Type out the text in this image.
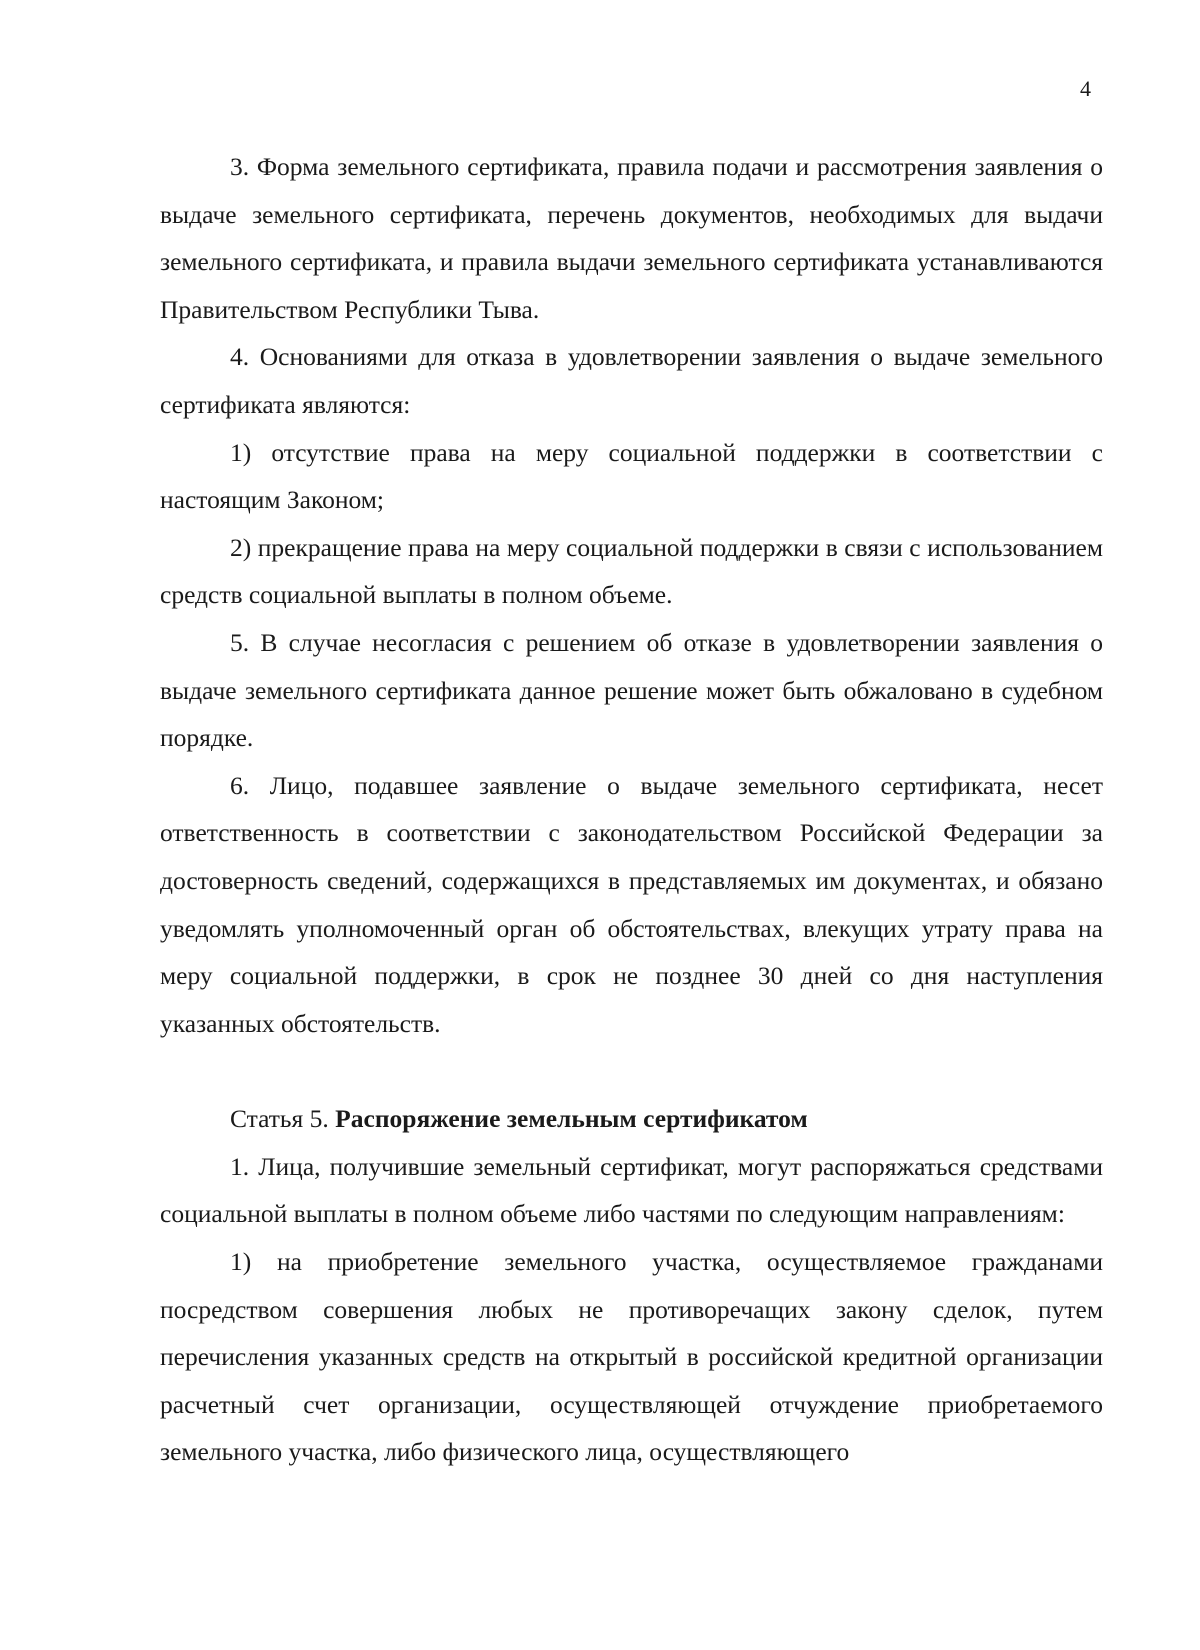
4

3. Форма земельного сертификата, правила подачи и рассмотрения заявления о выдаче земельного сертификата, перечень документов, необходимых для выдачи земельного сертификата, и правила выдачи земельного сертификата устанавливаются Правительством Республики Тыва.

4. Основаниями для отказа в удовлетворении заявления о выдаче земельного сертификата являются:

1) отсутствие права на меру социальной поддержки в соответствии с настоящим Законом;

2) прекращение права на меру социальной поддержки в связи с использованием средств социальной выплаты в полном объеме.

5. В случае несогласия с решением об отказе в удовлетворении заявления о выдаче земельного сертификата данное решение может быть обжаловано в судебном порядке.

6. Лицо, подавшее заявление о выдаче земельного сертификата, несет ответственность в соответствии с законодательством Российской Федерации за достоверность сведений, содержащихся в представляемых им документах, и обязано уведомлять уполномоченный орган об обстоятельствах, влекущих утрату права на меру социальной поддержки, в срок не позднее 30 дней со дня наступления указанных обстоятельств.

Статья 5. Распоряжение земельным сертификатом

1. Лица, получившие земельный сертификат, могут распоряжаться средствами социальной выплаты в полном объеме либо частями по следующим направлениям:

1) на приобретение земельного участка, осуществляемое гражданами посредством совершения любых не противоречащих закону сделок, путем перечисления указанных средств на открытый в российской кредитной организации расчетный счет организации, осуществляющей отчуждение приобретаемого земельного участка, либо физического лица, осуществляющего
